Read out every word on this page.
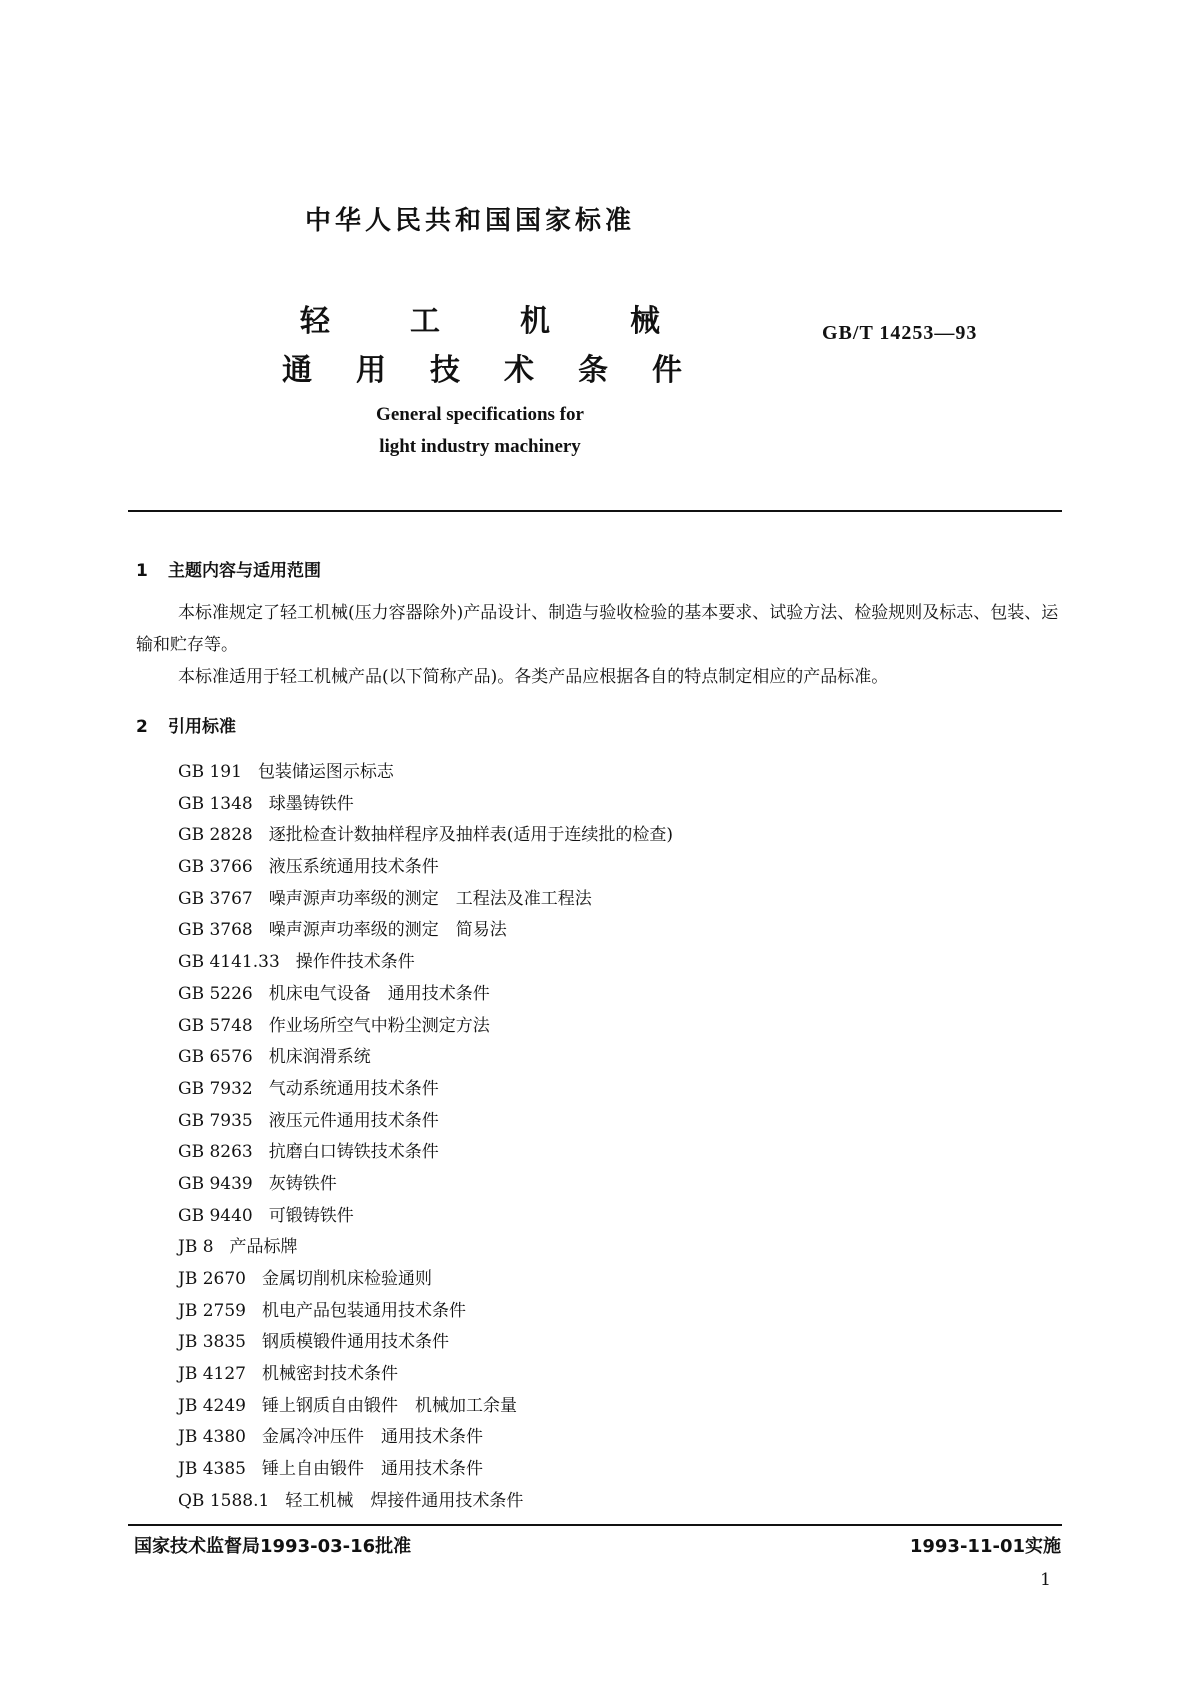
中华人民共和国国家标准
轻	工	机	械
通 用 技 术 条 件
GB/T 14253—93
General specifications for
light industry machinery
1 主题内容与适用范围
本标准规定了轻工机械(压力容器除外)产品设计、制造与验收检验的基本要求、试验方法、检验规则及标志、包装、运输和贮存等。
本标准适用于轻工机械产品(以下简称产品)。各类产品应根据各自的特点制定相应的产品标准。
2 引用标准
GB 191 包装储运图示标志
GB 1348 球墨铸铁件
GB 2828 逐批检查计数抽样程序及抽样表(适用于连续批的检查)
GB 3766 液压系统通用技术条件
GB 3767 噪声源声功率级的测定　工程法及准工程法
GB 3768 噪声源声功率级的测定　简易法
GB 4141.33 操作件技术条件
GB 5226 机床电气设备　通用技术条件
GB 5748 作业场所空气中粉尘测定方法
GB 6576 机床润滑系统
GB 7932 气动系统通用技术条件
GB 7935 液压元件通用技术条件
GB 8263 抗磨白口铸铁技术条件
GB 9439 灰铸铁件
GB 9440 可锻铸铁件
JB 8 产品标牌
JB 2670 金属切削机床检验通则
JB 2759 机电产品包装通用技术条件
JB 3835 钢质模锻件通用技术条件
JB 4127 机械密封技术条件
JB 4249 锤上钢质自由锻件　机械加工余量
JB 4380 金属冷冲压件　通用技术条件
JB 4385 锤上自由锻件　通用技术条件
QB 1588.1 轻工机械　焊接件通用技术条件
国家技术监督局1993-03-16批准	1993-11-01实施
1
